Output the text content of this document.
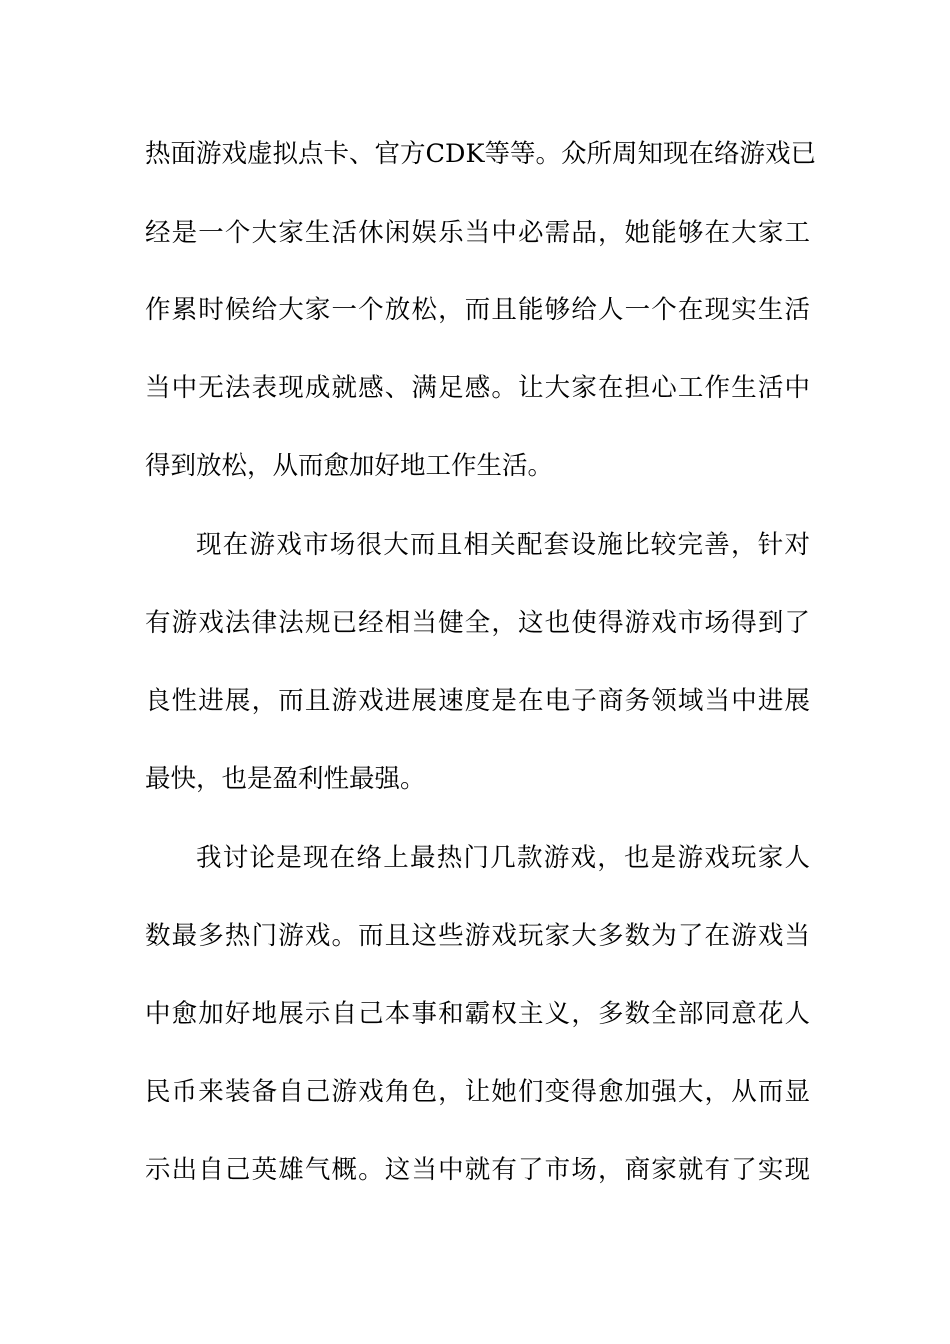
热面游戏虚拟点卡、官方CDK等等。众所周知现在络游戏已
经是一个大家生活休闲娱乐当中必需品，她能够在大家工
作累时候给大家一个放松，而且能够给人一个在现实生活
当中无法表现成就感、满足感。让大家在担心工作生活中
得到放松，从而愈加好地工作生活。
现在游戏市场很大而且相关配套设施比较完善，针对
有游戏法律法规已经相当健全，这也使得游戏市场得到了
良性进展，而且游戏进展速度是在电子商务领域当中进展
最快，也是盈利性最强。
我讨论是现在络上最热门几款游戏，也是游戏玩家人
数最多热门游戏。而且这些游戏玩家大多数为了在游戏当
中愈加好地展示自己本事和霸权主义，多数全部同意花人
民币来装备自己游戏角色，让她们变得愈加强大，从而显
示出自己英雄气概。这当中就有了市场，商家就有了实现
